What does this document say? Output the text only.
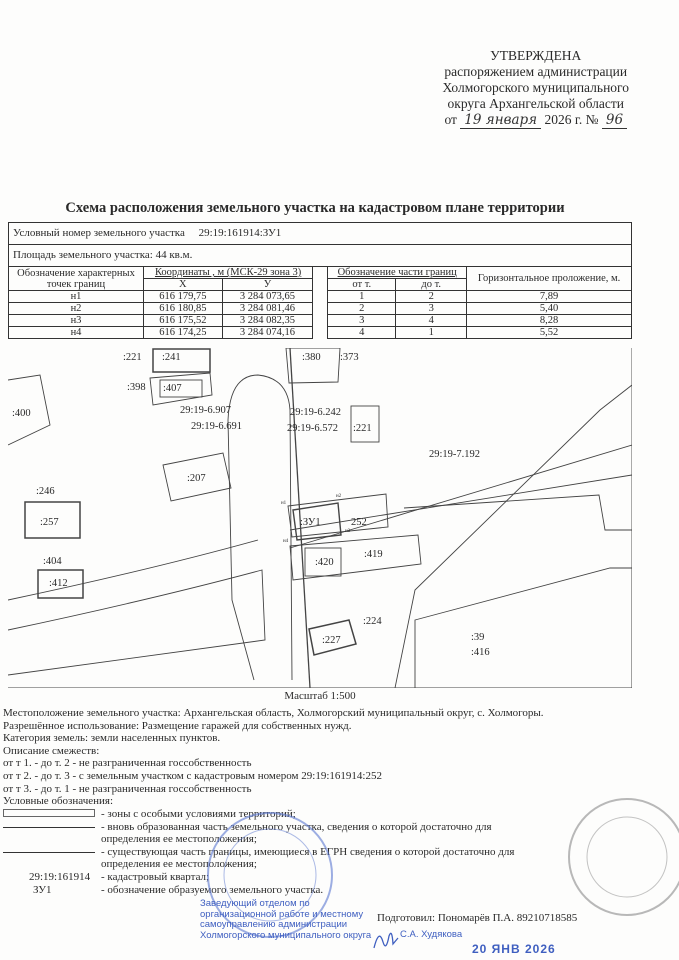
УТВЕРЖДЕНА
распоряжением администрации
Холмогорского муниципального
округа Архангельской области
от 19 января 2026 г. № 96
Схема расположения земельного участка на кадастровом плане территории
Условный номер земельного участка 29:19:161914:ЗУ1						
Площадь земельного участка: 44 кв.м.						
Обозначение характерных точек границ	Координаты , м (МСК-29 зона 3)			Обозначение части границ		Горизонтальное проложение, м.
	X	У		от т.	до т.	
н1	616 179,75	3 284 073,65		1	2	7,89
н2	616 180,85	3 284 081,46		2	3	5,40
н3	616 175,52	3 284 082,35		3	4	8,28
н4	616 174,25	3 284 074,16		4	1	5,52
:221 :241
:398 :407
:400	29:19-6.907
29:19-6.691
:207
:246
:257
:404
:412
:380 :373
29:19-6.242
29:19-6.572 :221
29:19-7.192
:ЗУ1	252
:420
:419
:224
:227	:39
:416
н2
н3
н1
н4
Масштаб 1:500
Местоположение земельного участка: Архангельская область, Холмогорский муниципальный округ, с. Холмогоры.
Разрешённое использование: Размещение гаражей для собственных нужд.
Категория земель: земли населенных пунктов.
Описание смежеств:
от т 1. - до т. 2 - не разграниченная госсобственность
от т 2. - до т. 3 - с земельным участком с кадастровым номером 29:19:161914:252
от т 3. - до т. 1 - не разграниченная госсобственность
Условные обозначения:
- зоны с особыми условиями территорий;
- вновь образованная часть земельного участка, сведения о которой достаточно для определения ее местоположения;
- существующая часть границы, имеющиеся в ЕГРН сведения о которой достаточно для определения ее местоположения;
29:19:161914 - кадастровый квартал;
ЗУ1	- обозначение образуемого земельного участка.
Заведующий отделом по организационной работе и местному самоуправлению администрации Холмогорского муниципального округа	С.А. Худякова
20 ЯНВ 2026
Подготовил: Пономарёв П.А. 89210718585
